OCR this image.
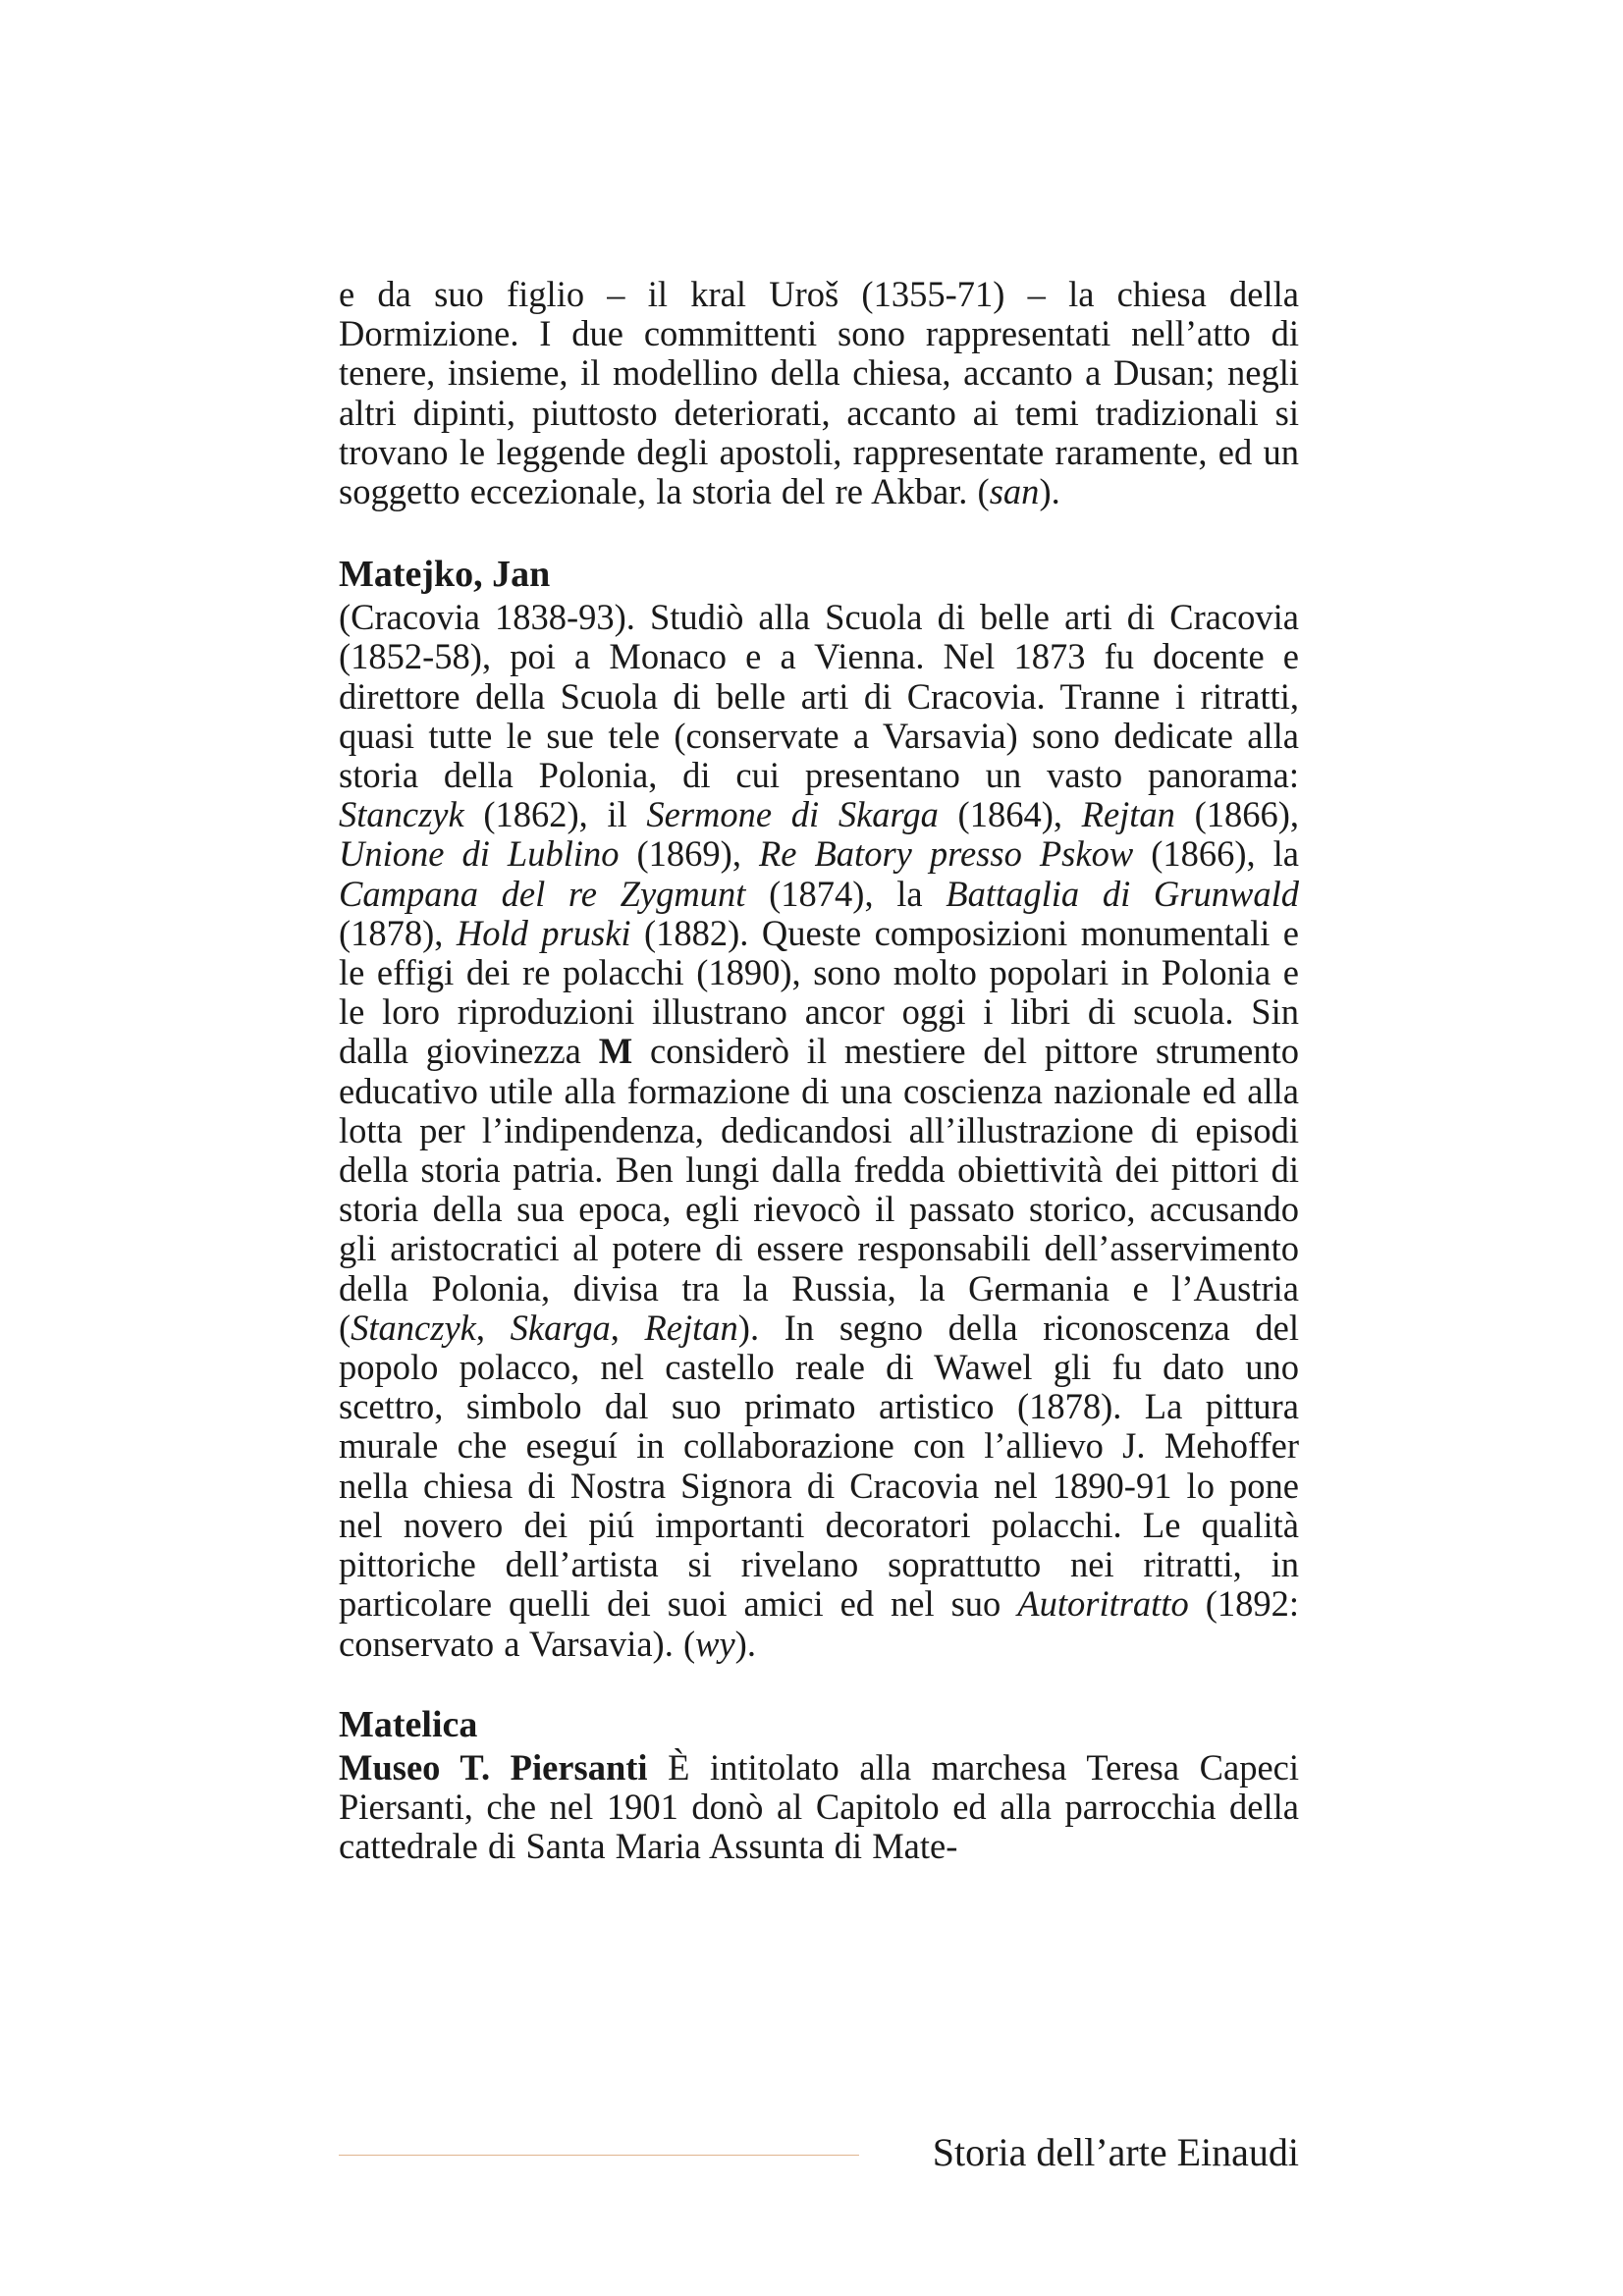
e da suo figlio – il kral Uroš (1355-71) – la chiesa della Dormizione. I due committenti sono rappresentati nell’atto di tenere, insieme, il modellino della chiesa, accanto a Dusan; negli altri dipinti, piuttosto deteriorati, accanto ai temi tradizionali si trovano le leggende degli apostoli, rappresentate raramente, ed un soggetto eccezionale, la storia del re Akbar. (san).

Matejko, Jan

(Cracovia 1838-93). Studiò alla Scuola di belle arti di Cracovia (1852-58), poi a Monaco e a Vienna. Nel 1873 fu docente e direttore della Scuola di belle arti di Cracovia. Tranne i ritratti, quasi tutte le sue tele (conservate a Varsavia) sono dedicate alla storia della Polonia, di cui presentano un vasto panorama: Stanczyk (1862), il Sermone di Skarga (1864), Rejtan (1866), Unione di Lublino (1869), Re Batory presso Pskow (1866), la Campana del re Zygmunt (1874), la Battaglia di Grunwald (1878), Hold pruski (1882). Queste composizioni monumentali e le effigi dei re polacchi (1890), sono molto popolari in Polonia e le loro riproduzioni illustrano ancor oggi i libri di scuola. Sin dalla giovinezza M considerò il mestiere del pittore strumento educativo utile alla formazione di una coscienza nazionale ed alla lotta per l’indipendenza, dedicandosi all’illustrazione di episodi della storia patria. Ben lungi dalla fredda obiettività dei pittori di storia della sua epoca, egli rievocò il passato storico, accusando gli aristocratici al potere di essere responsabili dell’asservimento della Polonia, divisa tra la Russia, la Germania e l’Austria (Stanczyk, Skarga, Rejtan). In segno della riconoscenza del popolo polacco, nel castello reale di Wawel gli fu dato uno scettro, simbolo dal suo primato artistico (1878). La pittura murale che eseguí in collaborazione con l’allievo J. Mehoffer nella chiesa di Nostra Signora di Cracovia nel 1890-91 lo pone nel novero dei piú importanti decoratori polacchi. Le qualità pittoriche dell’artista si rivelano soprattutto nei ritratti, in particolare quelli dei suoi amici ed nel suo Autoritratto (1892: conservato a Varsavia). (wy).

Matelica

Museo T. Piersanti È intitolato alla marchesa Teresa Capeci Piersanti, che nel 1901 donò al Capitolo ed alla parrocchia della cattedrale di Santa Maria Assunta di Mate-

Storia dell’arte Einaudi
